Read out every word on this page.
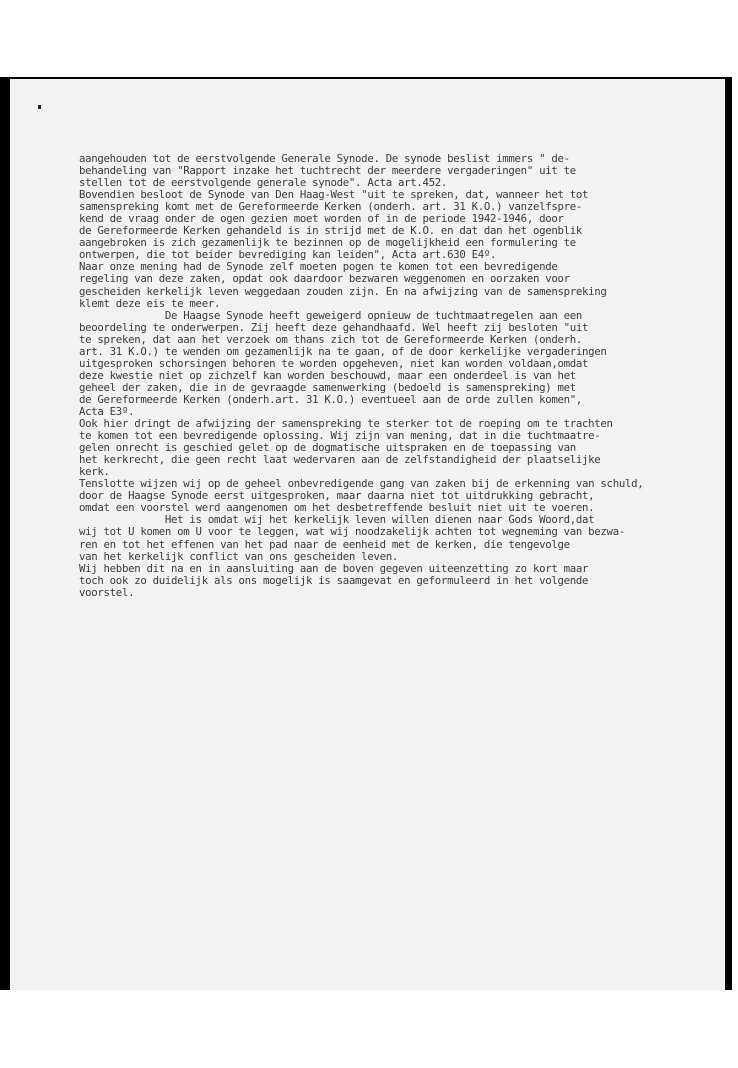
aangehouden tot de eerstvolgende Generale Synode. De synode beslist immers " de-
behandeling van "Rapport inzake het tuchtrecht der meerdere vergaderingen" uit te
stellen tot de eerstvolgende generale synode". Acta art.452.
Bovendien besloot de Synode van Den Haag-West "uit te spreken, dat, wanneer het tot
samenspreking komt met de Gereformeerde Kerken (onderh. art. 31 K.O.) vanzelfspre-
kend de vraag onder de ogen gezien moet worden of in de periode 1942-1946, door
de Gereformeerde Kerken gehandeld is in strijd met de K.O. en dat dan het ogenblik
aangebroken is zich gezamenlijk te bezinnen op de mogelijkheid een formulering te
ontwerpen, die tot beider bevrediging kan leiden", Acta art.630 E4º.
Naar onze mening had de Synode zelf moeten pogen te komen tot een bevredigende
regeling van deze zaken, opdat ook daardoor bezwaren weggenomen en oorzaken voor
gescheiden kerkelijk leven weggedaan zouden zijn. En na afwijzing van de samenspreking
klemt deze eis te meer.
De Haagse Synode heeft geweigerd opnieuw de tuchtmaatregelen aan een
beoordeling te onderwerpen. Zij heeft deze gehandhaafd. Wel heeft zij besloten "uit
te spreken, dat aan het verzoek om thans zich tot de Gereformeerde Kerken (onderh.
art. 31 K.O.) te wenden om gezamenlijk na te gaan, of de door kerkelijke vergaderingen
uitgesproken schorsingen behoren te worden opgeheven, niet kan worden voldaan,omdat
deze kwestie niet op zichzelf kan worden beschouwd, maar een onderdeel is van het
geheel der zaken, die in de gevraagde samenwerking (bedoeld is samenspreking) met
de Gereformeerde Kerken (onderh.art. 31 K.O.) eventueel aan de orde zullen komen",
Acta E3º.
Ook hier dringt de afwijzing der samenspreking te sterker tot de roeping om te trachten
te komen tot een bevredigende oplossing. Wij zijn van mening, dat in die tuchtmaatre-
gelen onrecht is geschied gelet op de dogmatische uitspraken en de toepassing van
het kerkrecht, die geen recht laat wedervaren aan de zelfstandigheid der plaatselijke
kerk.
Tenslotte wijzen wij op de geheel onbevredigende gang van zaken bij de erkenning van schuld,
door de Haagse Synode eerst uitgesproken, maar daarna niet tot uitdrukking gebracht,
omdat een voorstel werd aangenomen om het desbetreffende besluit niet uit te voeren.
Het is omdat wij het kerkelijk leven willen dienen naar Gods Woord,dat
wij tot U komen om U voor te leggen, wat wij noodzakelijk achten tot wegneming van bezwa-
ren en tot het effenen van het pad naar de eenheid met de kerken, die tengevolge
van het kerkelijk conflict van ons gescheiden leven.
Wij hebben dit na en in aansluiting aan de boven gegeven uiteenzetting zo kort maar
toch ook zo duidelijk als ons mogelijk is saamgevat en geformuleerd in het volgende
voorstel.
